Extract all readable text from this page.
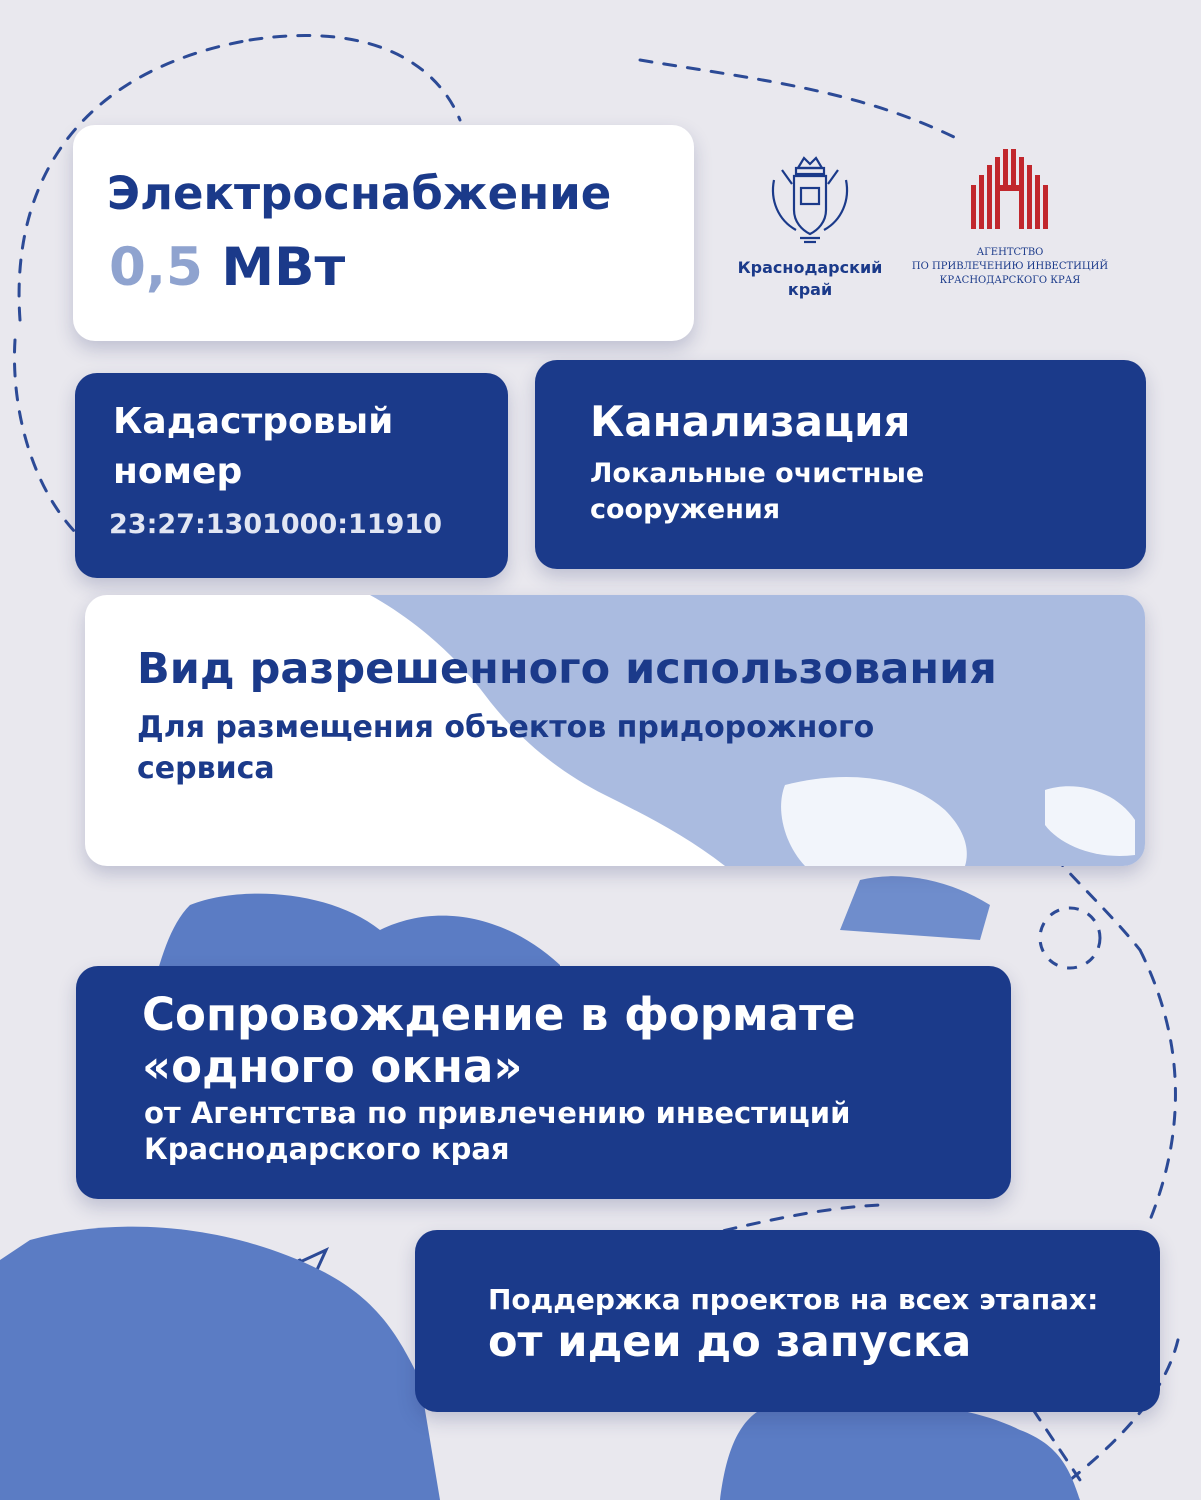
Электроснабжение

0,5 МВт	Краснодарский

край

АГЕНТСТВО

ПО ПРИВЛЕЧЕНИЮ ИНВЕСТИЦИЙ

КРАСНОДАРСКОГО КРАЯ

Кадастровый

номер

23:27:1301000:11910

Канализация

Локальные очистные

сооружения

Вид разрешенного использования

Для размещения объектов придорожного

сервиса

Сопровождение в формате

«одного окна»

от Агентства по привлечению инвестиций

Краснодарского края

Поддержка проектов на всех этапах:

от идеи до запуска
